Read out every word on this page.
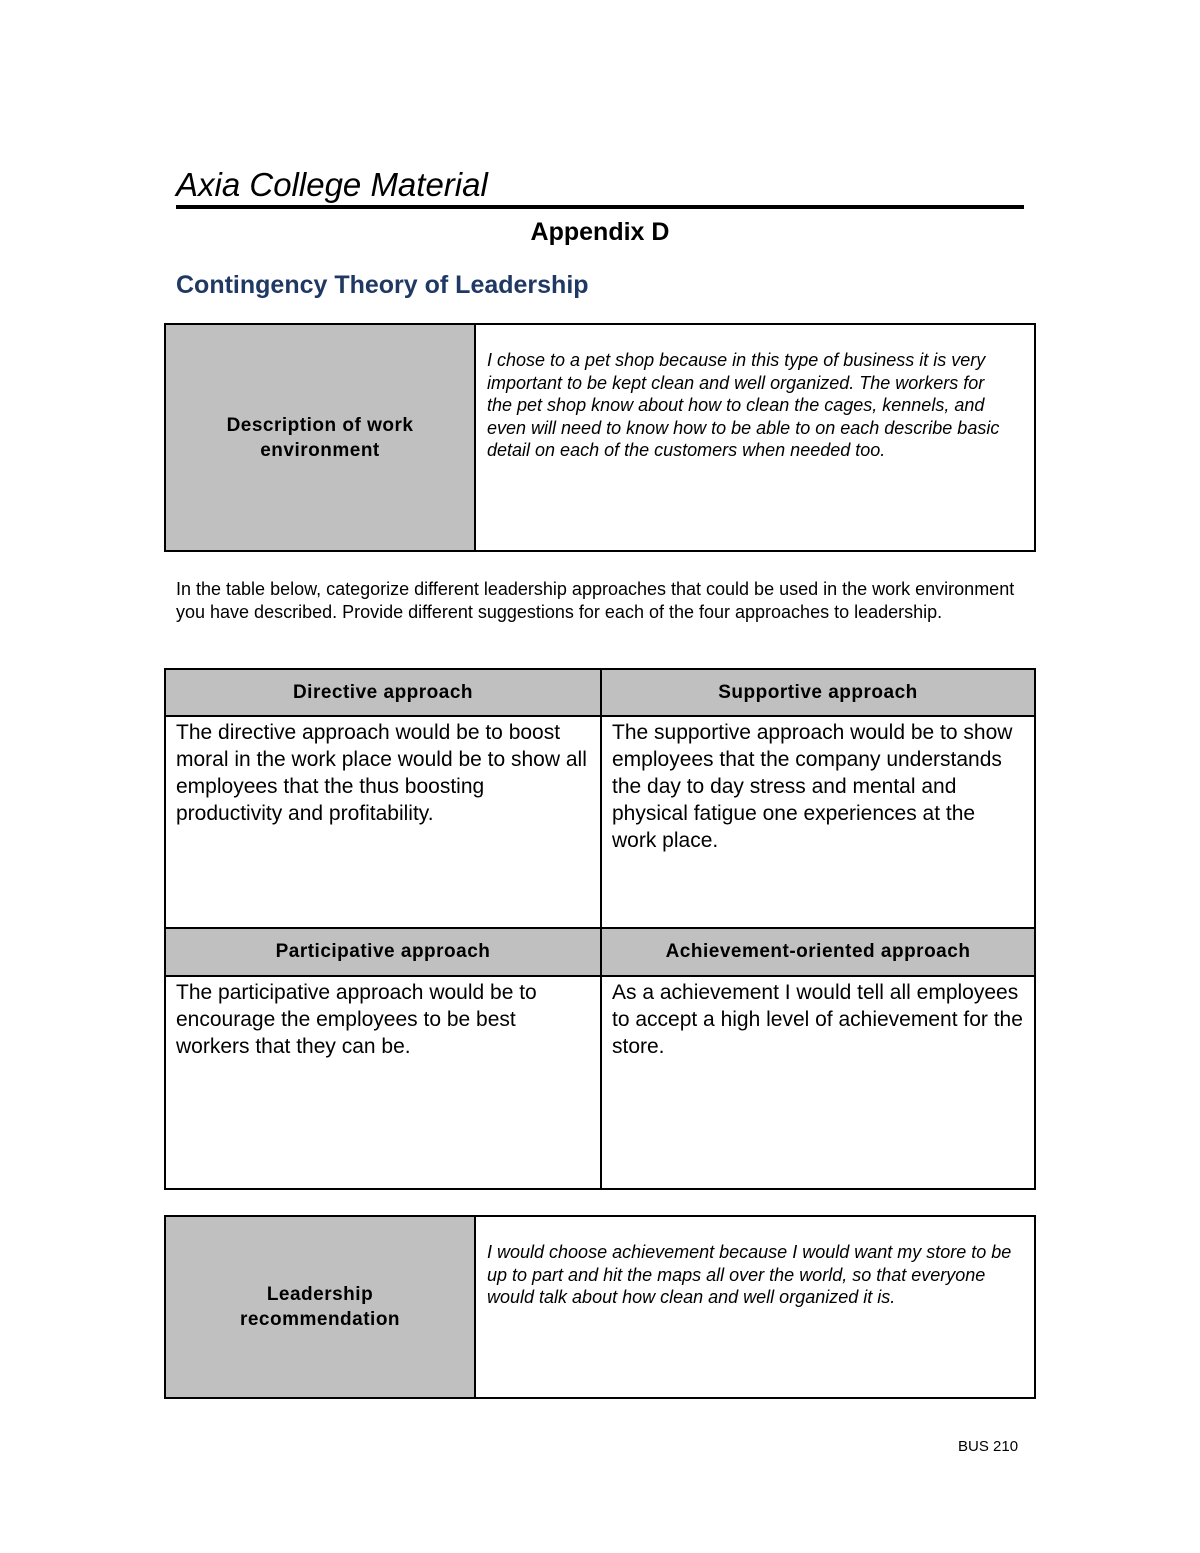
Axia College Material
Appendix D
Contingency Theory of Leadership
Description of work environment
I chose to a pet shop because in this type of business it is very important to be kept clean and well organized. The workers for the pet shop know about how to clean the cages, kennels, and even will need to know how to be able to on each describe basic detail on each of the customers when needed too.
In the table below, categorize different leadership approaches that could be used in the work environment you have described. Provide different suggestions for each of the four approaches to leadership.
Directive approach	Supportive approach
The directive approach would be to boost moral in the work place would be to show all employees that the thus boosting productivity and profitability.
The supportive approach would be to show employees that the company understands the day to day stress and mental and physical fatigue one experiences at the work place.
Participative approach	Achievement-oriented approach
The participative approach would be to encourage the employees to be best workers that they can be.
As a achievement I would tell all employees to accept a high level of achievement for the store.
Leadership recommendation
I would choose achievement because I would want my store to be up to part and hit the maps all over the world, so that everyone would talk about how clean and well organized it is.
BUS 210
